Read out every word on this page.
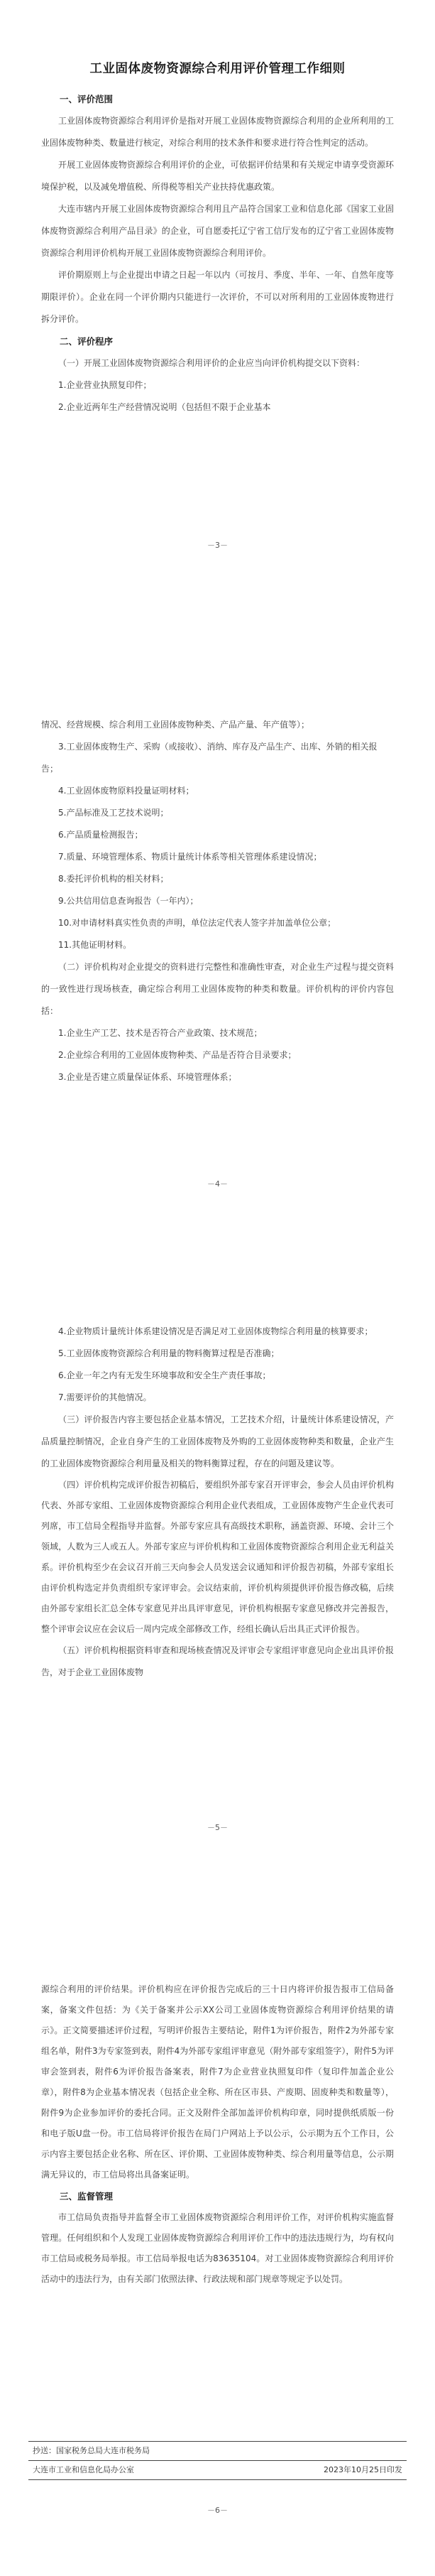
工业固体废物资源综合利用评价管理工作细则

一、评价范围

工业固体废物资源综合利用评价是指对开展工业固体废物资源综合利用的企业所利用的工业固体废物种类、数量进行核定，对综合利用的技术条件和要求进行符合性判定的活动。

开展工业固体废物资源综合利用评价的企业，可依据评价结果和有关规定申请享受资源环境保护税，以及减免增值税、所得税等相关产业扶持优惠政策。

大连市辖内开展工业固体废物资源综合利用且产品符合国家工业和信息化部《国家工业固体废物资源综合利用产品目录》的企业，可自愿委托辽宁省工信厅发布的辽宁省工业固体废物资源综合利用评价机构开展工业固体废物资源综合利用评价。

评价期原则上与企业提出申请之日起一年以内（可按月、季度、半年、一年、自然年度等期限评价）。企业在同一个评价期内只能进行一次评价，不可以对所利用的工业固体废物进行拆分评价。

二、评价程序

（一）开展工业固体废物资源综合利用评价的企业应当向评价机构提交以下资料：

1.企业营业执照复印件；

2.企业近两年生产经营情况说明（包括但不限于企业基本

－3－

情况、经营规模、综合利用工业固体废物种类、产品产量、年产值等）；

3.工业固体废物生产、采购（或接收）、消纳、库存及产品生产、出库、外销的相关报告；

4.工业固体废物原料投量证明材料；

5.产品标准及工艺技术说明；

6.产品质量检测报告；

7.质量、环境管理体系、物质计量统计体系等相关管理体系建设情况；

8.委托评价机构的相关材料；

9.公共信用信息查询报告（一年内）；

10.对申请材料真实性负责的声明，单位法定代表人签字并加盖单位公章；

11.其他证明材料。

（二）评价机构对企业提交的资料进行完整性和准确性审查，对企业生产过程与提交资料的一致性进行现场核查，确定综合利用工业固体废物的种类和数量。评价机构的评价内容包括：

1.企业生产工艺、技术是否符合产业政策、技术规范；

2.企业综合利用的工业固体废物种类、产品是否符合目录要求；

3.企业是否建立质量保证体系、环境管理体系；

－4－

4.企业物质计量统计体系建设情况是否满足对工业固体废物综合利用量的核算要求；

5.工业固体废物资源综合利用量的物料衡算过程是否准确；

6.企业一年之内有无发生环境事故和安全生产责任事故；

7.需要评价的其他情况。

（三）评价报告内容主要包括企业基本情况，工艺技术介绍，计量统计体系建设情况，产品质量控制情况，企业自身产生的工业固体废物及外购的工业固体废物种类和数量，企业产生的工业固体废物资源综合利用量及相关的物料衡算过程，存在的问题及建议等。

（四）评价机构完成评价报告初稿后，要组织外部专家召开评审会，参会人员由评价机构代表、外部专家组、工业固体废物资源综合利用企业代表组成，工业固体废物产生企业代表可列席，市工信局全程指导并监督。外部专家应具有高级技术职称，涵盖资源、环境、会计三个领域，人数为三人或五人。外部专家应与评价机构和工业固体废物资源综合利用企业无利益关系。评价机构至少在会议召开前三天向参会人员发送会议通知和评价报告初稿，外部专家组长由评价机构选定并负责组织专家评审会。会议结束前，评价机构须提供评价报告修改稿，后续由外部专家组长汇总全体专家意见并出具评审意见，评价机构根据专家意见修改并完善报告，整个评审会议应在会议后一周内完成全部修改工作，经组长确认后出具正式评价报告。

（五）评价机构根据资料审查和现场核查情况及评审会专家组评审意见向企业出具评价报告，对于企业工业固体废物

－5－

源综合利用的评价结果。评价机构应在评价报告完成后的三十日内将评价报告报市工信局备案，备案文件包括：为《关于备案并公示XX公司工业固体废物资源综合利用评价结果的请示》。正文简要描述评价过程，写明评价报告主要结论，附件1为评价报告，附件2为外部专家组名单，附件3为专家签到表，附件4为外部专家组评审意见（附外部专家组签字），附件5为评审会签到表，附件6为评价报告备案表，附件7为企业营业执照复印件（复印件加盖企业公章），附件8为企业基本情况表（包括企业全称、所在区市县、产废期、固废种类和数量等），附件9为企业参加评价的委托合同。正文及附件全部加盖评价机构印章，同时提供纸质版一份和电子版U盘一份。市工信局将评价报告在局门户网站上予以公示，公示期为五个工作日，公示内容主要包括企业名称、所在区、评价期、工业固体废物种类、综合利用量等信息，公示期满无异议的，市工信局将出具备案证明。

三、监督管理

市工信局负责指导并监督全市工业固体废物资源综合利用评价工作，对评价机构实施监督管理。任何组织和个人发现工业固体废物资源综合利用评价工作中的违法违规行为，均有权向市工信局或税务局举报。市工信局举报电话为83635104。对工业固体废物资源综合利用评价活动中的违法行为，由有关部门依照法律、行政法规和部门规章等规定予以处罚。

抄送：国家税务总局大连市税务局
大连市工业和信息化局办公室	2023年10月25日印发
－6－
